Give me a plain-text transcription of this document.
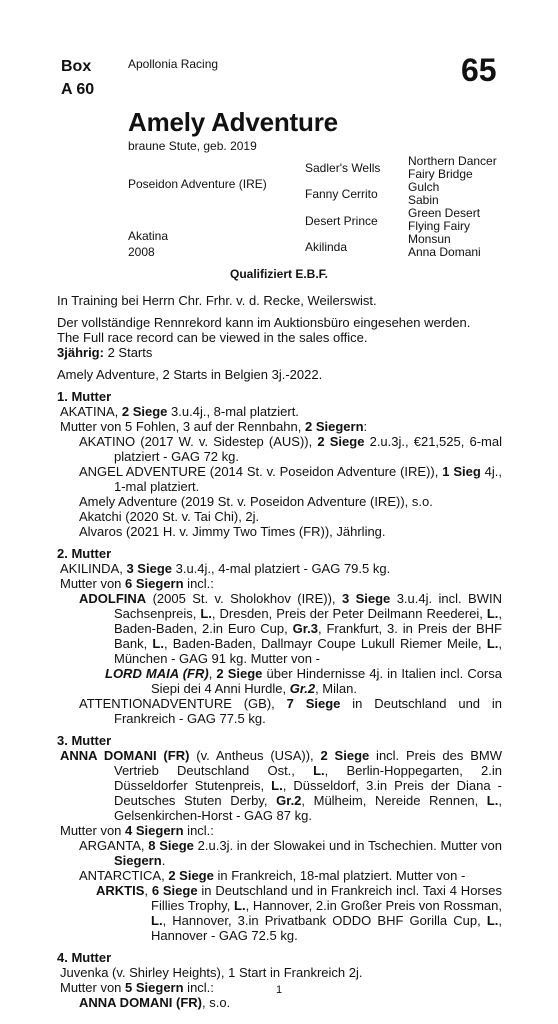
Box
A 60
Apollonia Racing	65
Amely Adventure
braune Stute, geb. 2019
Poseidon Adventure (IRE)
Akatina
2008
Sadler's Wells
Fanny Cerrito
Desert Prince
Akilinda
Northern Dancer
Fairy Bridge
Gulch
Sabin
Green Desert
Flying Fairy
Monsun
Anna Domani
Qualifiziert E.B.F.

In Training bei Herrn Chr. Frhr. v. d. Recke, Weilerswist.

Der vollständige Rennrekord kann im Auktionsbüro eingesehen werden.

The Full race record can be viewed in the sales office.

3jährig: 2 Starts

Amely Adventure, 2 Starts in Belgien 3j.-2022.

1. Mutter

AKATINA, 2 Siege 3.u.4j., 8-mal platziert.

Mutter von 5 Fohlen, 3 auf der Rennbahn, 2 Siegern:

AKATINO (2017 W. v. Sidestep (AUS)), 2 Siege 2.u.3j., €21,525, 6-mal platziert - GAG 72 kg.

ANGEL ADVENTURE (2014 St. v. Poseidon Adventure (IRE)), 1 Sieg 4j., 1-mal platziert.

Amely Adventure (2019 St. v. Poseidon Adventure (IRE)), s.o.

Akatchi (2020 St. v. Tai Chi), 2j.

Alvaros (2021 H. v. Jimmy Two Times (FR)), Jährling.

2. Mutter

AKILINDA, 3 Siege 3.u.4j., 4-mal platziert - GAG 79.5 kg.

Mutter von 6 Siegern incl.:

ADOLFINA (2005 St. v. Sholokhov (IRE)), 3 Siege 3.u.4j. incl. BWIN Sachsenpreis, L., Dresden, Preis der Peter Deilmann Reederei, L., Baden-Baden, 2.in Euro Cup, Gr.3, Frankfurt, 3. in Preis der BHF Bank, L., Baden-Baden, Dallmayr Coupe Lukull Riemer Meile, L., München - GAG 91 kg. Mutter von -

LORD MAIA (FR), 2 Siege über Hindernisse 4j. in Italien incl. Corsa Siepi dei 4 Anni Hurdle, Gr.2, Milan.

ATTENTIONADVENTURE (GB), 7 Siege in Deutschland und in Frankreich - GAG 77.5 kg.

3. Mutter

ANNA DOMANI (FR) (v. Antheus (USA)), 2 Siege incl. Preis des BMW Vertrieb Deutschland Ost., L., Berlin-Hoppegarten, 2.in Düsseldorfer Stutenpreis, L., Düsseldorf, 3.in Preis der Diana - Deutsches Stuten Derby, Gr.2, Mülheim, Nereide Rennen, L., Gelsenkirchen-Horst - GAG 87 kg.

Mutter von 4 Siegern incl.:

ARGANTA, 8 Siege 2.u.3j. in der Slowakei und in Tschechien. Mutter von Siegern.

ANTARCTICA, 2 Siege in Frankreich, 18-mal platziert. Mutter von -

ARKTIS, 6 Siege in Deutschland und in Frankreich incl. Taxi 4 Horses Fillies Trophy, L., Hannover, 2.in Großer Preis von Rossman, L., Hannover, 3.in Privatbank ODDO BHF Gorilla Cup, L., Hannover - GAG 72.5 kg.

4. Mutter

Juvenka (v. Shirley Heights), 1 Start in Frankreich 2j.

Mutter von 5 Siegern incl.:

ANNA DOMANI (FR), s.o.

1
